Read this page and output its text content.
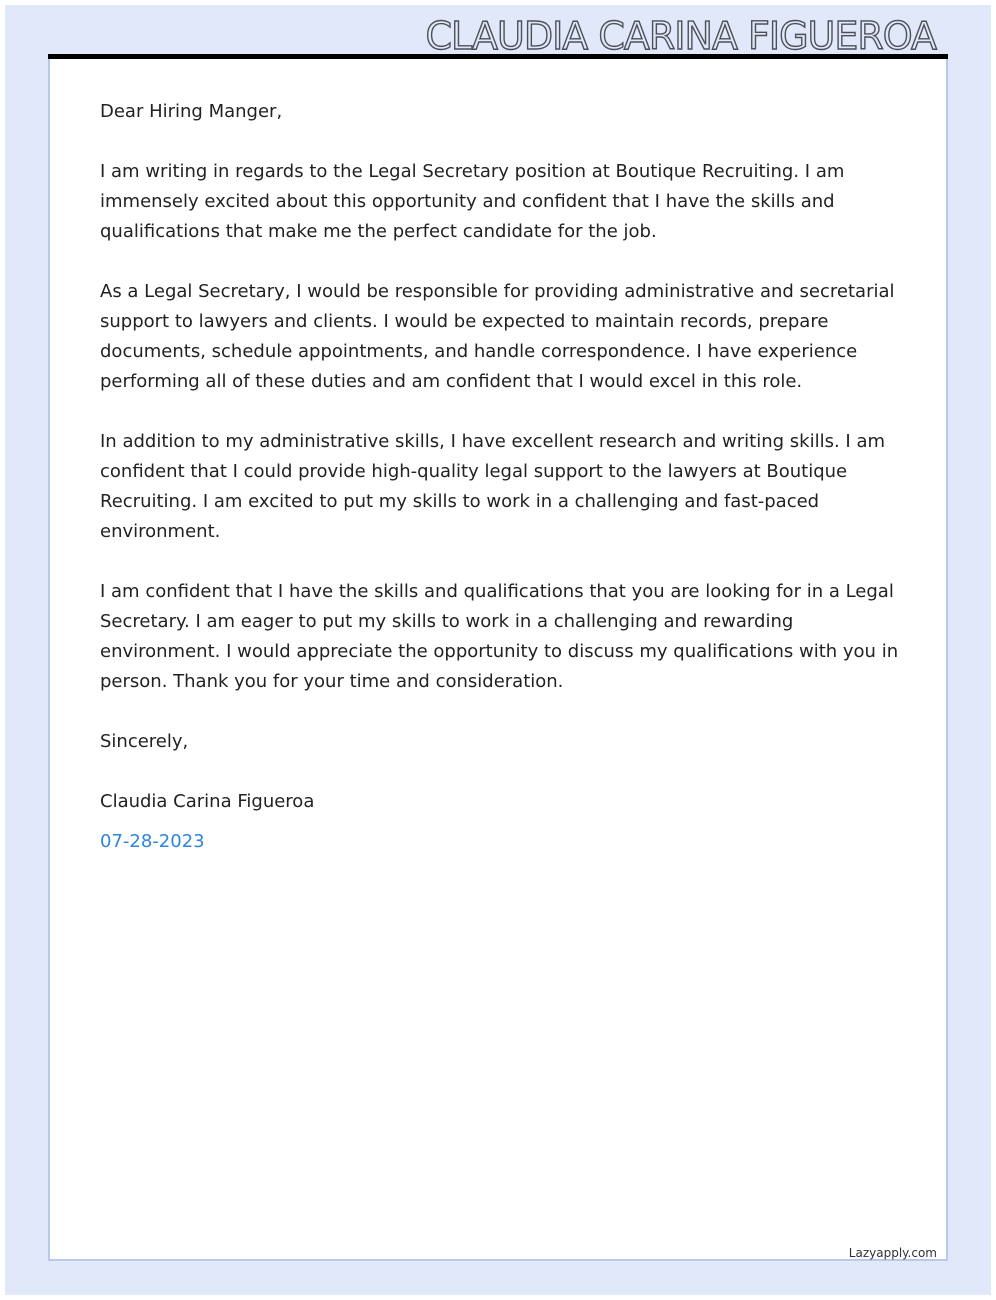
CLAUDIA CARINA FIGUEROA

Dear Hiring Manger,

I am writing in regards to the Legal Secretary position at Boutique Recruiting. I am immensely excited about this opportunity and confident that I have the skills and qualifications that make me the perfect candidate for the job.

As a Legal Secretary, I would be responsible for providing administrative and secretarial support to lawyers and clients. I would be expected to maintain records, prepare documents, schedule appointments, and handle correspondence. I have experience performing all of these duties and am confident that I would excel in this role.

In addition to my administrative skills, I have excellent research and writing skills. I am confident that I could provide high-quality legal support to the lawyers at Boutique Recruiting. I am excited to put my skills to work in a challenging and fast-paced environment.

I am confident that I have the skills and qualifications that you are looking for in a Legal Secretary. I am eager to put my skills to work in a challenging and rewarding environment. I would appreciate the opportunity to discuss my qualifications with you in person. Thank you for your time and consideration.

Sincerely,

Claudia Carina Figueroa

07-28-2023

Lazyapply.com
